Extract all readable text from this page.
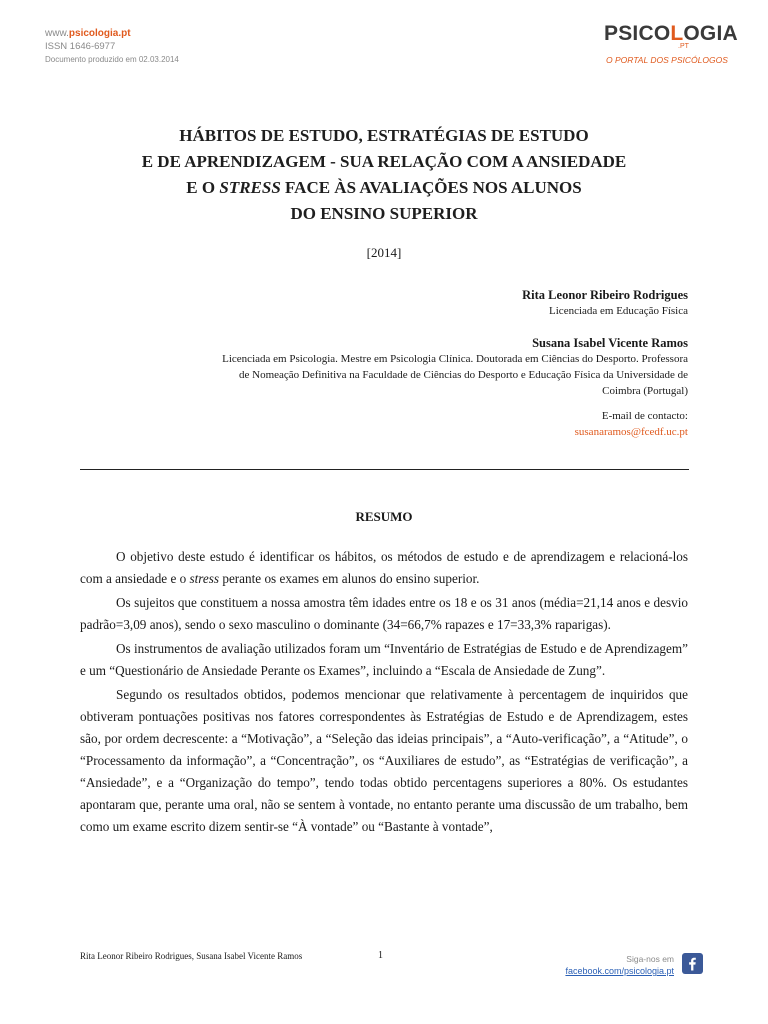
www.psicologia.pt
ISSN 1646-6977
Documento produzido em 02.03.2014
PSICOLOGIA
.PT
O PORTAL DOS PSICÓLOGOS
HÁBITOS DE ESTUDO, ESTRATÉGIAS DE ESTUDO
E DE APRENDIZAGEM - SUA RELAÇÃO COM A ANSIEDADE
E O STRESS FACE ÀS AVALIAÇÕES NOS ALUNOS
DO ENSINO SUPERIOR
[2014]
Rita Leonor Ribeiro Rodrigues
Licenciada em Educação Física
Susana Isabel Vicente Ramos
Licenciada em Psicologia. Mestre em Psicologia Clínica. Doutorada em Ciências do Desporto. Professora
de Nomeação Definitiva na Faculdade de Ciências do Desporto e Educação Física da Universidade de
Coimbra (Portugal)
E-mail de contacto:
susanaramos@fcedf.uc.pt
RESUMO

O objetivo deste estudo é identificar os hábitos, os métodos de estudo e de aprendizagem e relacioná-los com a ansiedade e o stress perante os exames em alunos do ensino superior.

Os sujeitos que constituem a nossa amostra têm idades entre os 18 e os 31 anos (média=21,14 anos e desvio padrão=3,09 anos), sendo o sexo masculino o dominante (34=66,7% rapazes e 17=33,3% raparigas).

Os instrumentos de avaliação utilizados foram um “Inventário de Estratégias de Estudo e de Aprendizagem” e um “Questionário de Ansiedade Perante os Exames”, incluindo a “Escala de Ansiedade de Zung”.

Segundo os resultados obtidos, podemos mencionar que relativamente à percentagem de inquiridos que obtiveram pontuações positivas nos fatores correspondentes às Estratégias de Estudo e de Aprendizagem, estes são, por ordem decrescente: a “Motivação”, a “Seleção das ideias principais”, a “Auto-verificação”, a “Atitude”, o “Processamento da informação”, a “Concentração”, os “Auxiliares de estudo”, as “Estratégias de verificação”, a “Ansiedade”, e a “Organização do tempo”, tendo todas obtido percentagens superiores a 80%. Os estudantes apontaram que, perante uma oral, não se sentem à vontade, no entanto perante uma discussão de um trabalho, bem como um exame escrito dizem sentir-se “À vontade” ou “Bastante à vontade”,

Rita Leonor Ribeiro Rodrigues, Susana Isabel Vicente Ramos	1	Siga-nos em
facebook.com/psicologia.pt
